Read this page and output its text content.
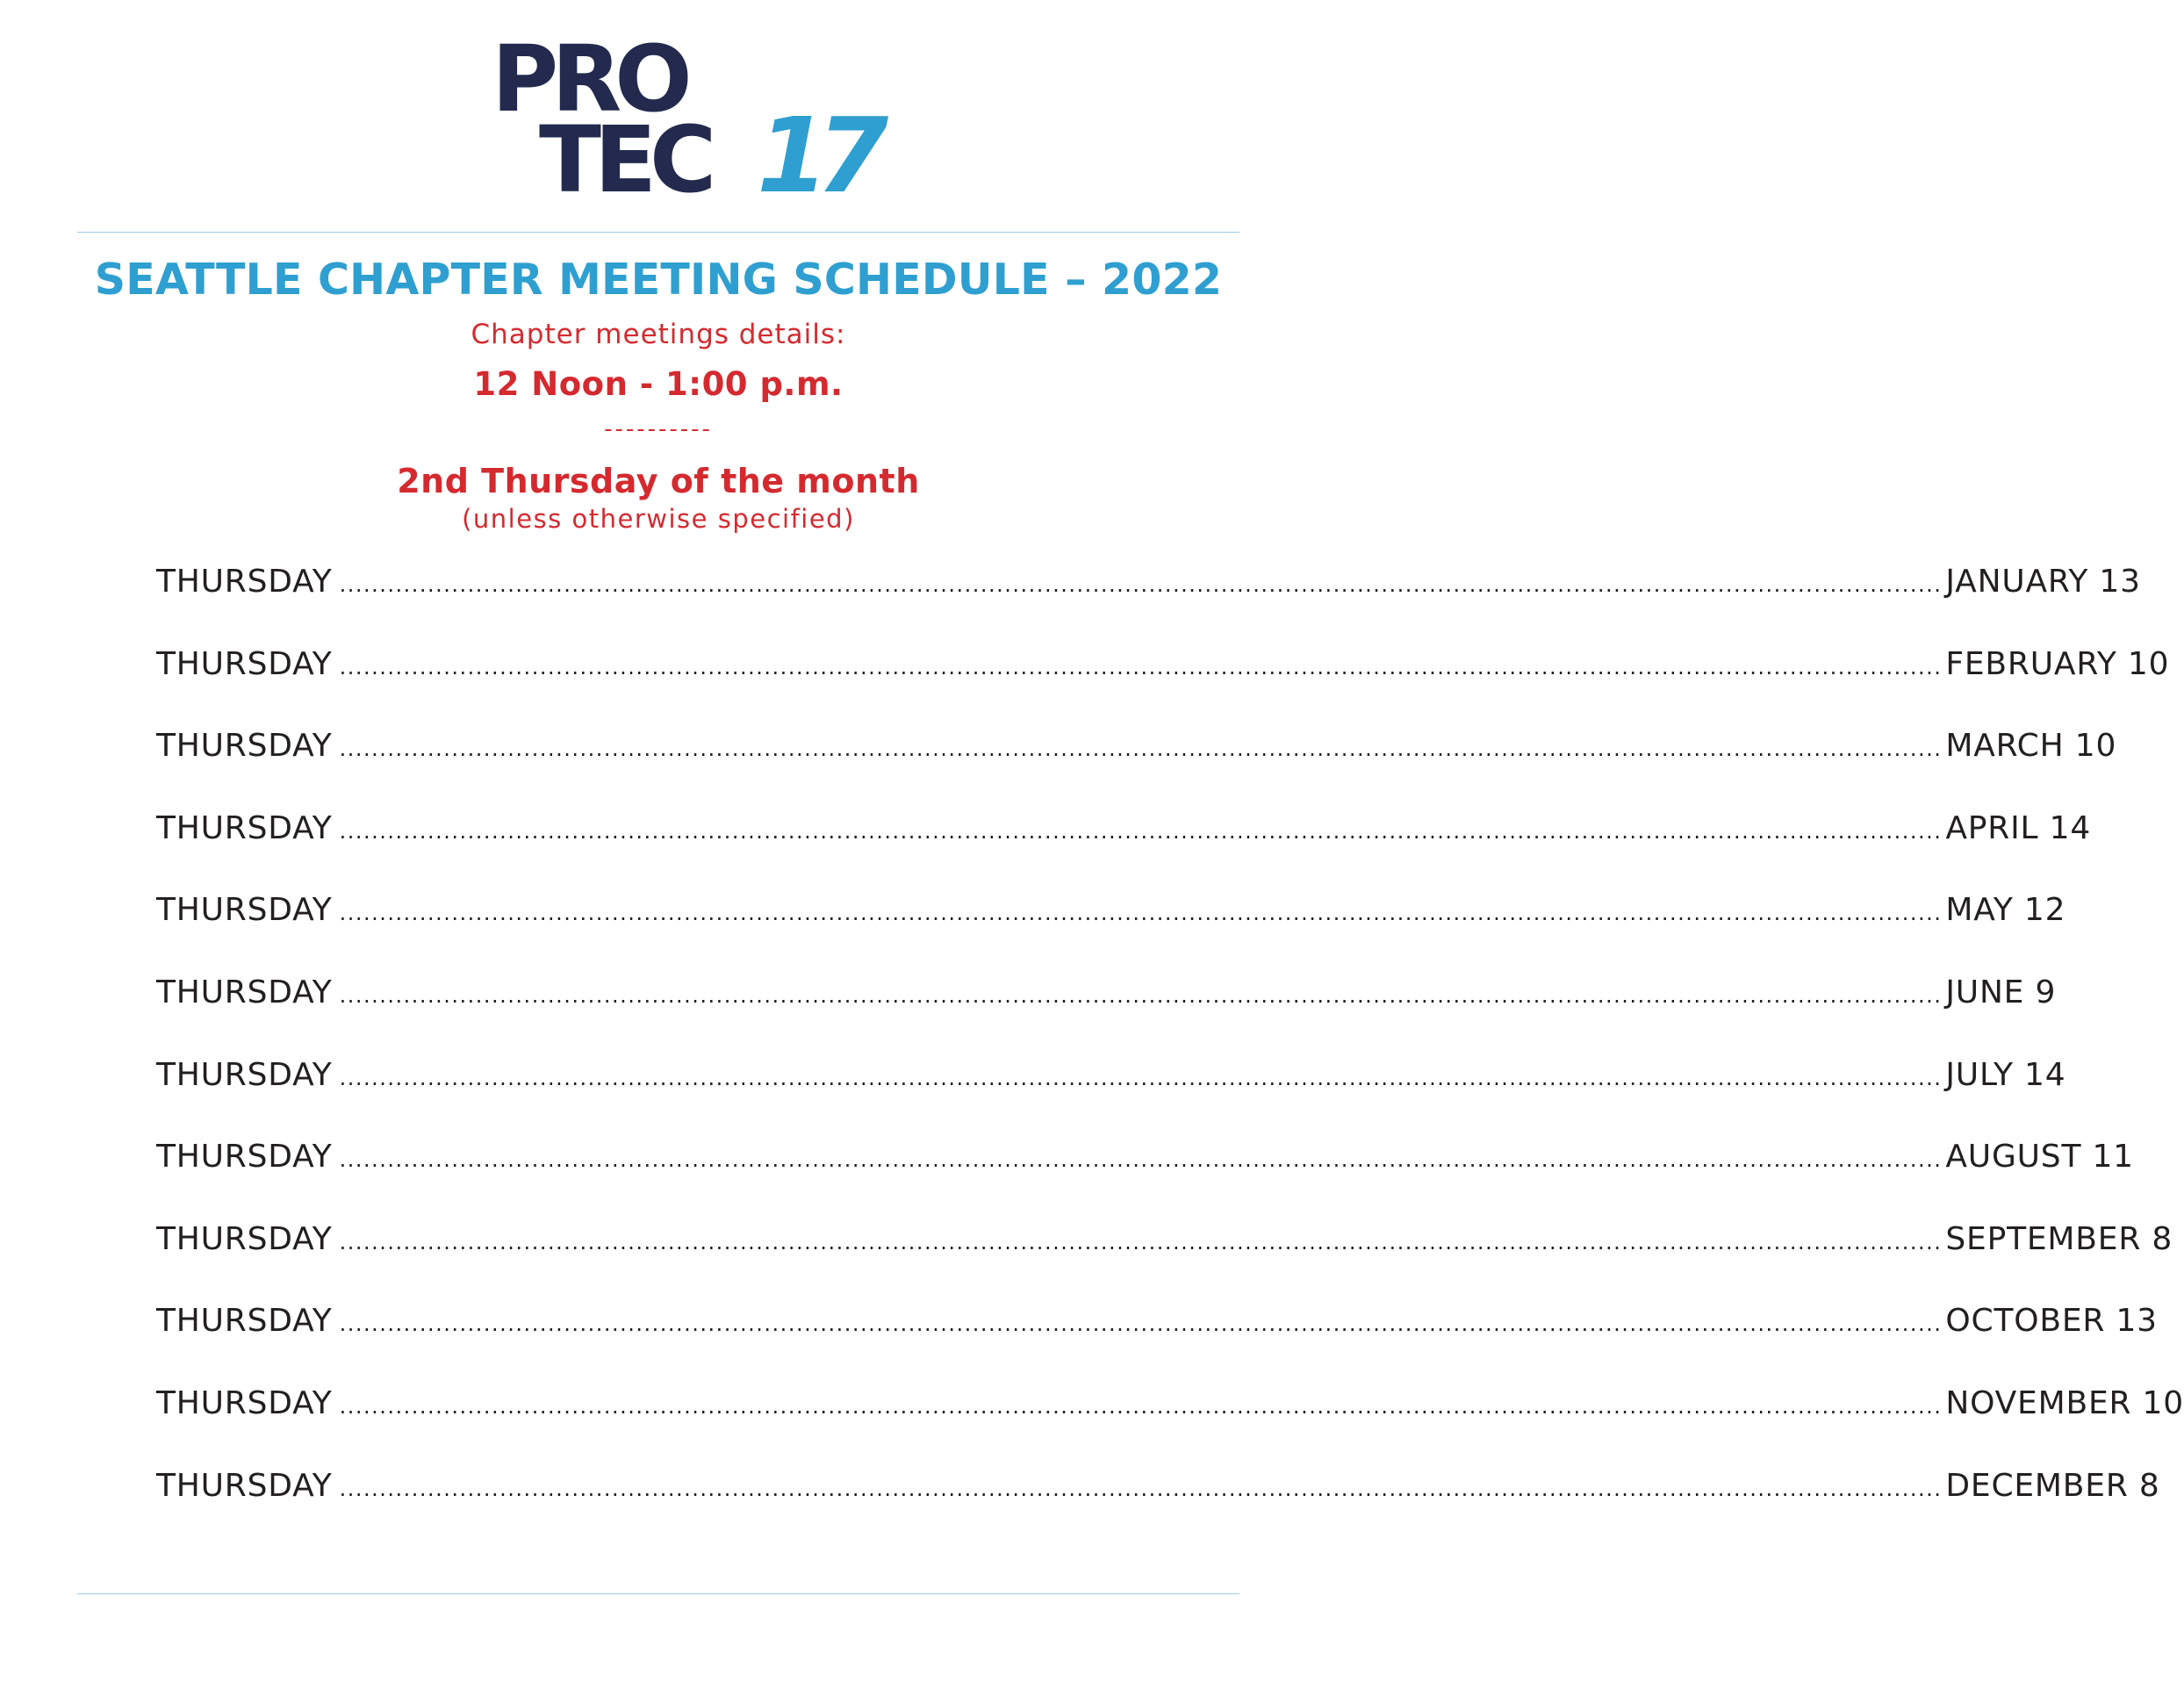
PRO
TEC 17
SEATTLE CHAPTER MEETING SCHEDULE – 2022
Chapter meetings details:
12 Noon - 1:00 p.m.
----------
2nd Thursday of the month
(unless otherwise specified)
THURSDAY ........................................................................................................................................................................................................ JANUARY 13
THURSDAY ........................................................................................................................................................................................................ FEBRUARY 10
THURSDAY ........................................................................................................................................................................................................ MARCH 10
THURSDAY ........................................................................................................................................................................................................ APRIL 14
THURSDAY ........................................................................................................................................................................................................ MAY 12
THURSDAY ........................................................................................................................................................................................................ JUNE 9
THURSDAY ........................................................................................................................................................................................................ JULY 14
THURSDAY ........................................................................................................................................................................................................ AUGUST 11
THURSDAY ........................................................................................................................................................................................................ SEPTEMBER 8
THURSDAY ........................................................................................................................................................................................................ OCTOBER 13
THURSDAY ........................................................................................................................................................................................................ NOVEMBER 10
THURSDAY ........................................................................................................................................................................................................ DECEMBER 8
